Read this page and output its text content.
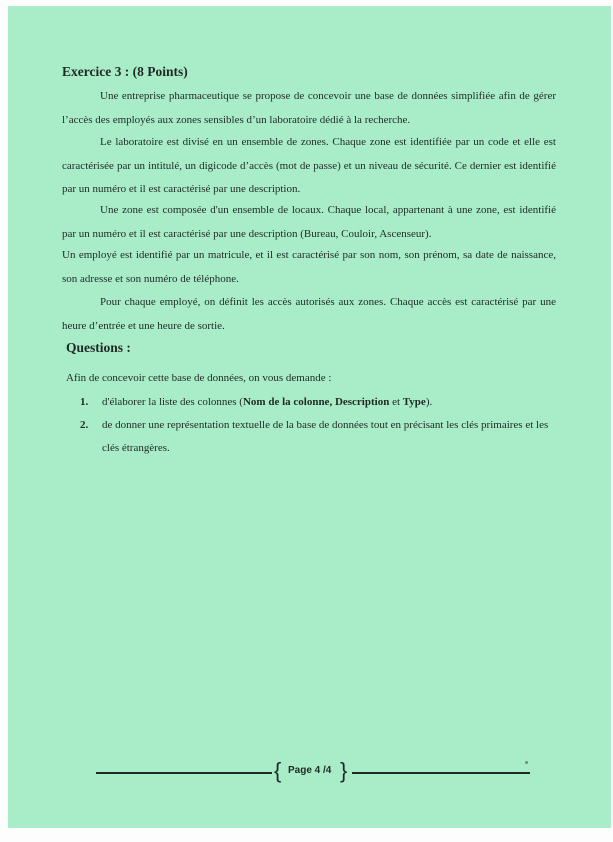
Exercice 3 : (8 Points)
Une entreprise pharmaceutique se propose de concevoir une base de données simplifiée afin de gérer l’accès des employés aux zones sensibles d’un laboratoire dédié à la recherche.
Le laboratoire est divisé en un ensemble de zones. Chaque zone est identifiée par un code et elle est caractérisée par un intitulé, un digicode d’accès (mot de passe) et un niveau de sécurité. Ce dernier est identifié par un numéro et il est caractérisé par une description.
Une zone est composée d'un ensemble de locaux. Chaque local, appartenant à une zone, est identifié par un numéro et il est caractérisé par une description (Bureau, Couloir, Ascenseur).
Un employé est identifié par un matricule, et il est caractérisé par son nom, son prénom, sa date de naissance, son adresse et son numéro de téléphone.
Pour chaque employé, on définit les accès autorisés aux zones. Chaque accès est caractérisé par une heure d’entrée et une heure de sortie.
Questions :
Afin de concevoir cette base de données, on vous demande :
1.	d'élaborer la liste des colonnes (Nom de la colonne, Description et Type).
2.	de donner une représentation textuelle de la base de données tout en précisant les clés primaires et les clés étrangères.
{ Page 4 /4 }
